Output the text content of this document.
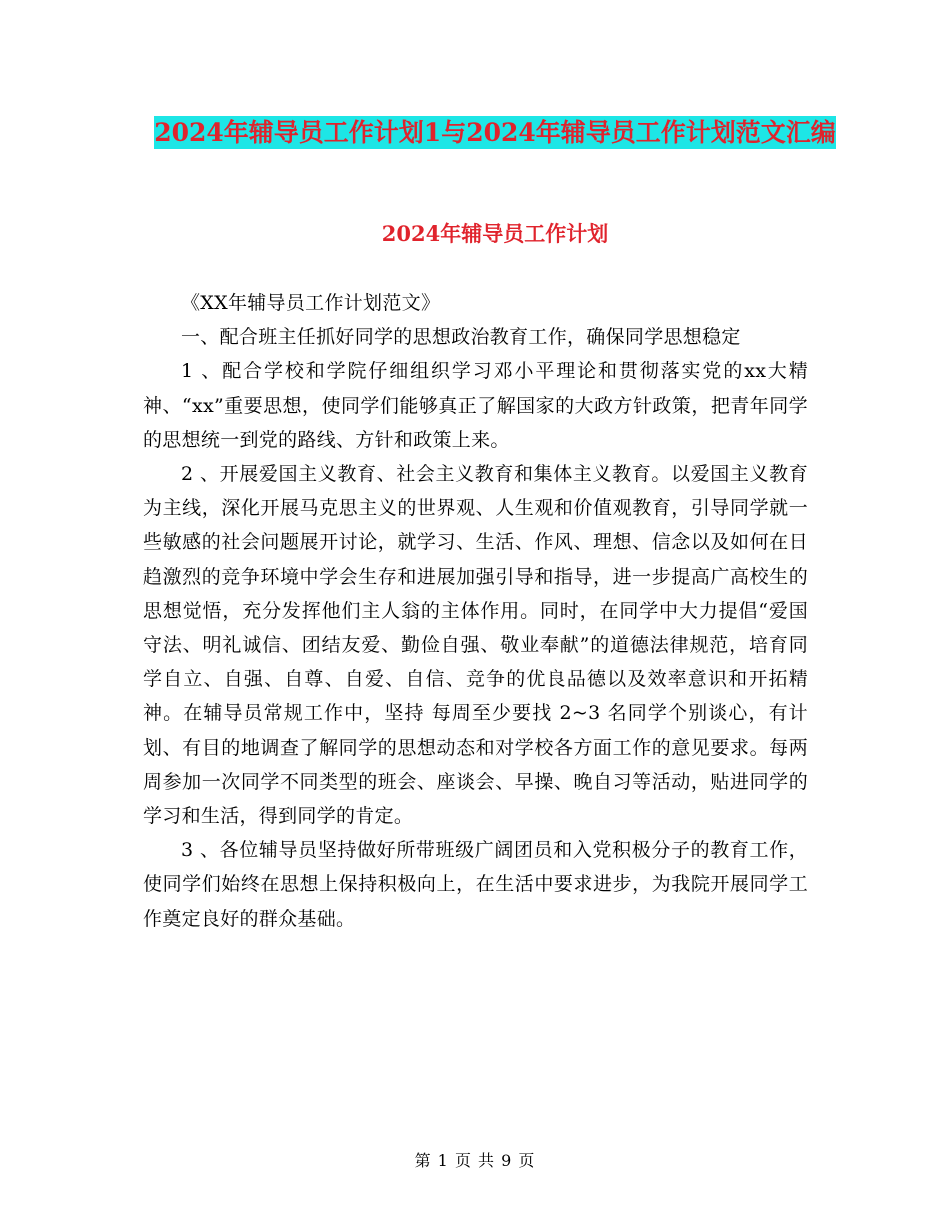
2024年辅导员工作计划1与2024年辅导员工作计划范文汇编
2024年辅导员工作计划

《XX年辅导员工作计划范文》

一、配合班主任抓好同学的思想政治教育工作，确保同学思想稳定

1 、配合学校和学院仔细组织学习邓小平理论和贯彻落实党的xx大精神、“xx”重要思想，使同学们能够真正了解国家的大政方针政策，把青年同学的思想统一到党的路线、方针和政策上来。

2 、开展爱国主义教育、社会主义教育和集体主义教育。以爱国主义教育为主线，深化开展马克思主义的世界观、人生观和价值观教育，引导同学就一些敏感的社会问题展开讨论，就学习、生活、作风、理想、信念以及如何在日趋激烈的竞争环境中学会生存和进展加强引导和指导，进一步提高广高校生的思想觉悟，充分发挥他们主人翁的主体作用。同时，在同学中大力提倡“爱国守法、明礼诚信、团结友爱、勤俭自强、敬业奉献”的道德法律规范，培育同学自立、自强、自尊、自爱、自信、竞争的优良品德以及效率意识和开拓精神。在辅导员常规工作中，坚持 每周至少要找 2~3 名同学个别谈心，有计划、有目的地调查了解同学的思想动态和对学校各方面工作的意见要求。每两周参加一次同学不同类型的班会、座谈会、早操、晚自习等活动，贴进同学的学习和生活，得到同学的肯定。

3 、各位辅导员坚持做好所带班级广阔团员和入党积极分子的教育工作，使同学们始终在思想上保持积极向上，在生活中要求进步，为我院开展同学工作奠定良好的群众基础。

第 1 页 共 9 页
